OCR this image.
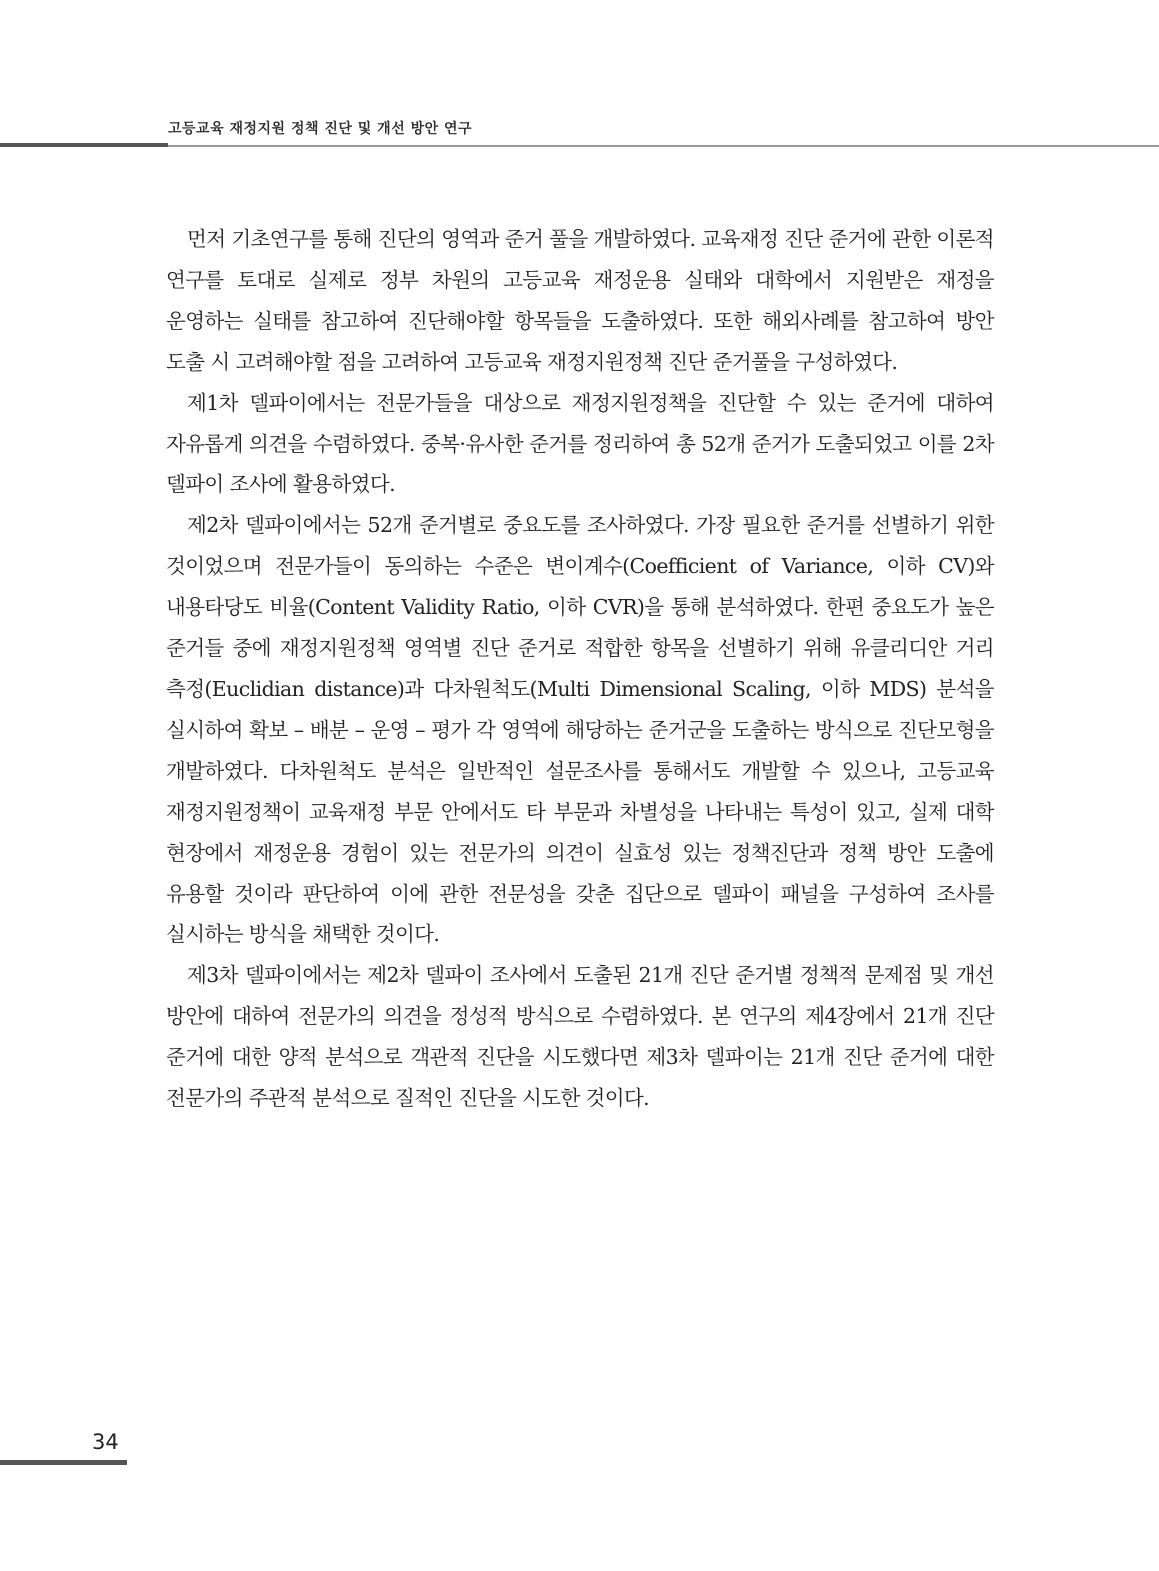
고등교육 재정지원 정책 진단 및 개선 방안 연구

먼저 기초연구를 통해 진단의 영역과 준거 풀을 개발하였다. 교육재정 진단 준거에 관한 이론적 연구를 토대로 실제로 정부 차원의 고등교육 재정운용 실태와 대학에서 지원받은 재정을 운영하는 실태를 참고하여 진단해야할 항목들을 도출하였다. 또한 해외사례를 참고하여 방안 도출 시 고려해야할 점을 고려하여 고등교육 재정지원정책 진단 준거풀을 구성하였다.

제1차 델파이에서는 전문가들을 대상으로 재정지원정책을 진단할 수 있는 준거에 대하여 자유롭게 의견을 수렴하였다. 중복·유사한 준거를 정리하여 총 52개 준거가 도출되었고 이를 2차 델파이 조사에 활용하였다.

제2차 델파이에서는 52개 준거별로 중요도를 조사하였다. 가장 필요한 준거를 선별하기 위한 것이었으며 전문가들이 동의하는 수준은 변이계수(Coefficient of Variance, 이하 CV)와 내용타당도 비율(Content Validity Ratio, 이하 CVR)을 통해 분석하였다. 한편 중요도가 높은 준거들 중에 재정지원정책 영역별 진단 준거로 적합한 항목을 선별하기 위해 유클리디안 거리 측정(Euclidian distance)과 다차원척도(Multi Dimensional Scaling, 이하 MDS) 분석을 실시하여 확보 – 배분 – 운영 – 평가 각 영역에 해당하는 준거군을 도출하는 방식으로 진단모형을 개발하였다. 다차원척도 분석은 일반적인 설문조사를 통해서도 개발할 수 있으나, 고등교육 재정지원정책이 교육재정 부문 안에서도 타 부문과 차별성을 나타내는 특성이 있고, 실제 대학 현장에서 재정운용 경험이 있는 전문가의 의견이 실효성 있는 정책진단과 정책 방안 도출에 유용할 것이라 판단하여 이에 관한 전문성을 갖춘 집단으로 델파이 패널을 구성하여 조사를 실시하는 방식을 채택한 것이다.

제3차 델파이에서는 제2차 델파이 조사에서 도출된 21개 진단 준거별 정책적 문제점 및 개선 방안에 대하여 전문가의 의견을 정성적 방식으로 수렴하였다. 본 연구의 제4장에서 21개 진단 준거에 대한 양적 분석으로 객관적 진단을 시도했다면 제3차 델파이는 21개 진단 준거에 대한 전문가의 주관적 분석으로 질적인 진단을 시도한 것이다.

34
